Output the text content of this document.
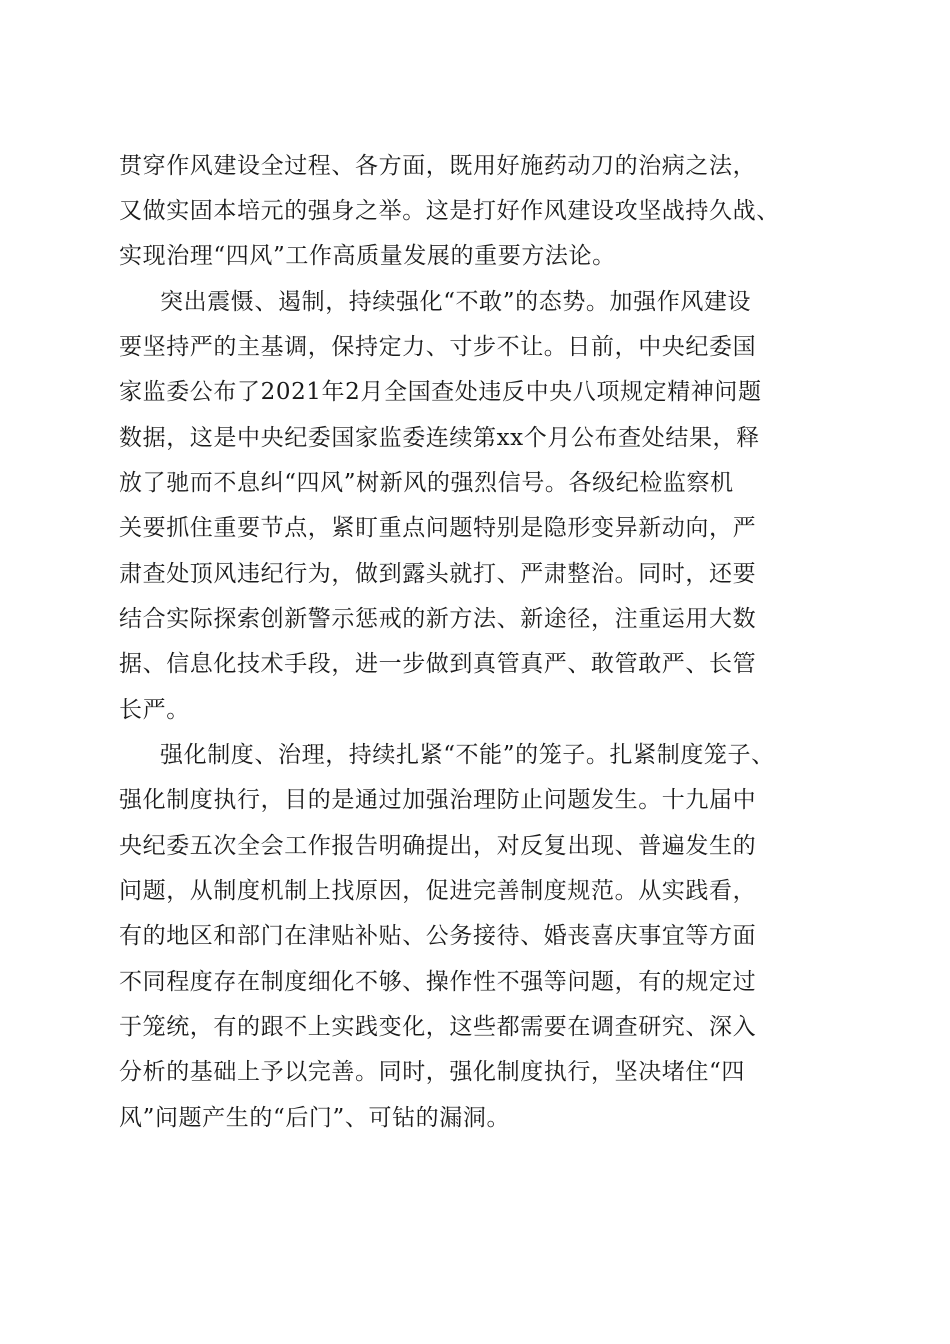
贯穿作风建设全过程、各方面，既用好施药动刀的治病之法，
又做实固本培元的强身之举。这是打好作风建设攻坚战持久战、
实现治理“四风”工作高质量发展的重要方法论。
突出震慑、遏制，持续强化“不敢”的态势。加强作风建设
要坚持严的主基调，保持定力、寸步不让。日前，中央纪委国
家监委公布了2021年2月全国查处违反中央八项规定精神问题
数据，这是中央纪委国家监委连续第xx个月公布查处结果，释
放了驰而不息纠“四风”树新风的强烈信号。各级纪检监察机
关要抓住重要节点，紧盯重点问题特别是隐形变异新动向，严
肃查处顶风违纪行为，做到露头就打、严肃整治。同时，还要
结合实际探索创新警示惩戒的新方法、新途径，注重运用大数
据、信息化技术手段，进一步做到真管真严、敢管敢严、长管
长严。
强化制度、治理，持续扎紧“不能”的笼子。扎紧制度笼子、
强化制度执行，目的是通过加强治理防止问题发生。十九届中
央纪委五次全会工作报告明确提出，对反复出现、普遍发生的
问题，从制度机制上找原因，促进完善制度规范。从实践看，
有的地区和部门在津贴补贴、公务接待、婚丧喜庆事宜等方面
不同程度存在制度细化不够、操作性不强等问题，有的规定过
于笼统，有的跟不上实践变化，这些都需要在调查研究、深入
分析的基础上予以完善。同时，强化制度执行，坚决堵住“四
风”问题产生的“后门”、可钻的漏洞。
